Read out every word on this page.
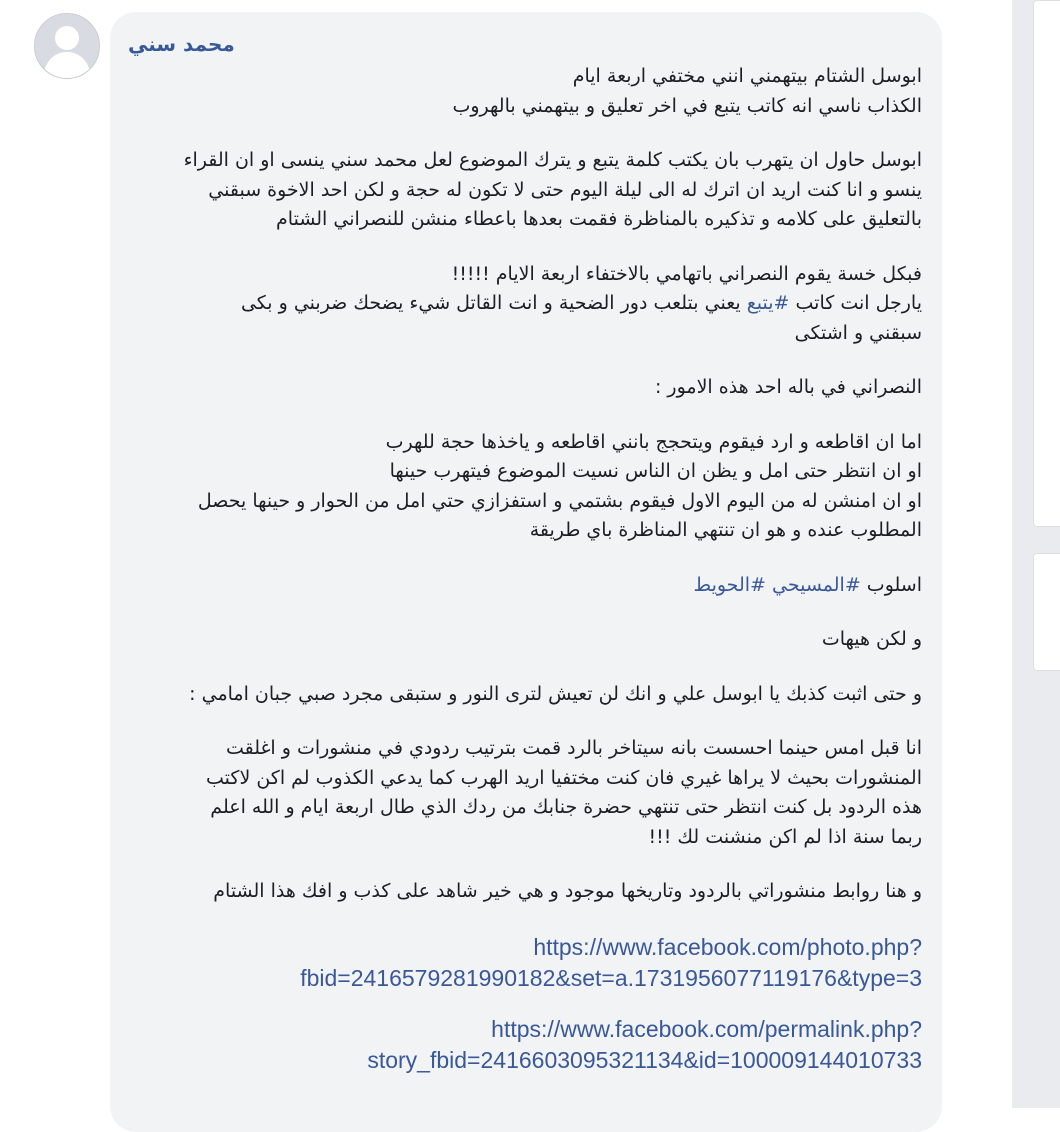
محمد سني

ابوسل الشتام بيتهمني انني مختفي اربعة ايام
الكذاب ناسي انه كاتب يتبع في اخر تعليق و بيتهمني بالهروب

ابوسل حاول ان يتهرب بان يكتب كلمة يتبع و يترك الموضوع لعل محمد سني ينسى او ان القراء
ينسو و انا كنت اريد ان اترك له الى ليلة اليوم حتى لا تكون له حجة و لكن احد الاخوة سبقني
بالتعليق على كلامه و تذكيره بالمناظرة فقمت بعدها باعطاء منشن للنصراني الشتام

فبكل خسة يقوم النصراني باتهامي بالاختفاء اربعة الايام !!!!!
يارجل انت كاتب #يتبع يعني بتلعب دور الضحية و انت القاتل شيء يضحك ضربني و بكى
سبقني و اشتكى

النصراني في باله احد هذه الامور :

اما ان اقاطعه و ارد فيقوم ويتحجج بانني اقاطعه و ياخذها حجة للهرب
او ان انتظر حتى امل و يظن ان الناس نسيت الموضوع فيتهرب حينها
او ان امنشن له من اليوم الاول فيقوم بشتمي و استفزازي حتي امل من الحوار و حينها يحصل
المطلوب عنده و هو ان تنتهي المناظرة باي طريقة

اسلوب #المسيحي #الحويط

و لكن هيهات

و حتى اثبت كذبك يا ابوسل علي و انك لن تعيش لترى النور و ستبقى مجرد صبي جبان امامي :

انا قبل امس حينما احسست بانه سيتاخر بالرد قمت بترتيب ردودي في منشورات و اغلقت
المنشورات بحيث لا يراها غيري فان كنت مختفيا اريد الهرب كما يدعي الكذوب لم اكن لاكتب
هذه الردود بل كنت انتظر حتى تنتهي حضرة جنابك من ردك الذي طال اربعة ايام و الله اعلم
ربما سنة اذا لم اكن منشنت لك !!!

و هنا روابط منشوراتي بالردود وتاريخها موجود و هي خير شاهد على كذب و افك هذا الشتام

https://www.facebook.com/photo.php?
fbid=2416579281990182&set=a.1731956077119176&type=3
https://www.facebook.com/permalink.php?
story_fbid=2416603095321134&id=100009144010733
